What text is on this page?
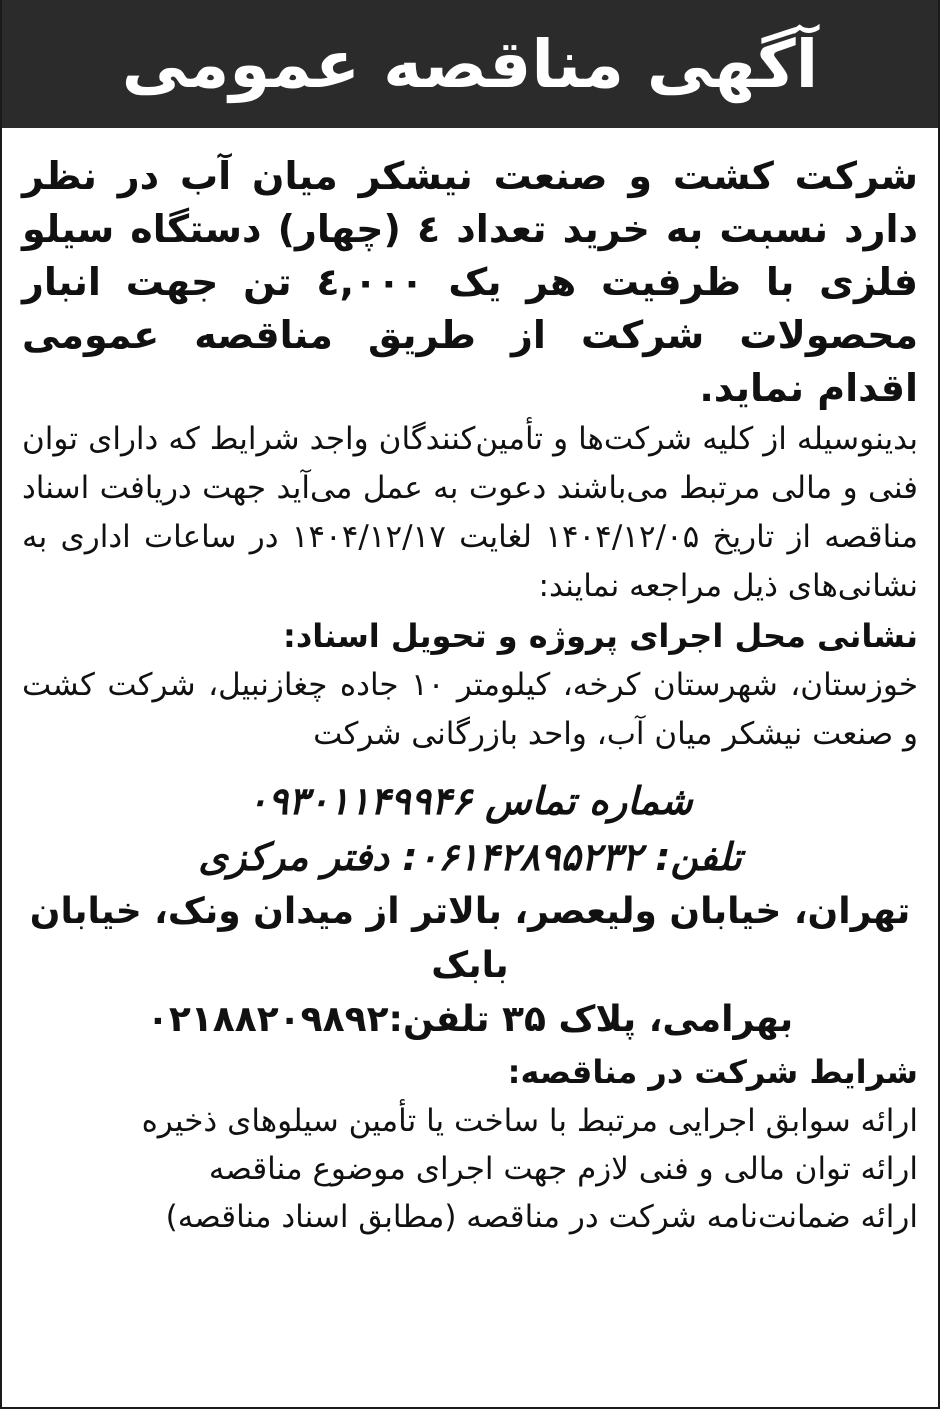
آگهی مناقصه عمومی

شرکت کشت و صنعت نیشکر میان آب در نظر دارد نسبت به خرید تعداد ٤ (چهار) دستگاه سیلو فلزی با ظرفیت هر یک ٤,٠٠٠ تن جهت انبار محصولات شرکت از طریق مناقصه عمومی اقدام نماید.

بدینوسیله از کلیه شرکت‌ها و تأمین‌کنندگان واجد شرایط که دارای توان فنی و مالی مرتبط می‌باشند دعوت به عمل می‌آید جهت دریافت اسناد مناقصه از تاریخ ۱۴۰۴/۱۲/۰۵ لغایت ۱۴۰۴/۱۲/۱۷ در ساعات اداری به نشانی‌های ذیل مراجعه نمایند:

نشانی محل اجرای پروژه و تحویل اسناد:

خوزستان، شهرستان کرخه، کیلومتر ۱۰ جاده چغازنبیل، شرکت کشت و صنعت نیشکر میان آب، واحد بازرگانی شرکت

شماره تماس ۰۹۳۰۱۱۴۹۹۴۶

تلفن: ۰۶۱۴۲۸۹۵۲۳۲: دفتر مرکزی

تهران، خیابان ولیعصر، بالاتر از میدان ونک، خیابان بابک

بهرامی، پلاک ۳۵ تلفن:۰۲۱۸۸۲۰۹۸۹۲

شرایط شرکت در مناقصه:

ارائه سوابق اجرایی مرتبط با ساخت یا تأمین سیلوهای ذخیره

ارائه توان مالی و فنی لازم جهت اجرای موضوع مناقصه

ارائه ضمانت‌نامه شرکت در مناقصه (مطابق اسناد مناقصه)
